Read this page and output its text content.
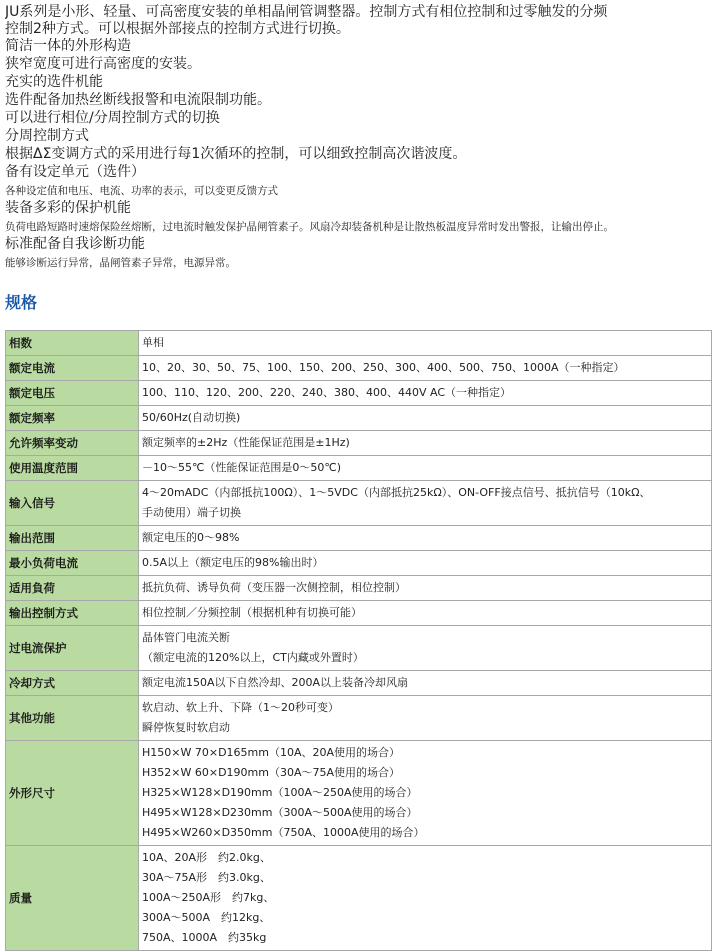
JU系列是小形、轻量、可高密度安装的单相晶闸管调整器。控制方式有相位控制和过零触发的分频
控制2种方式。可以根据外部接点的控制方式进行切换。
简洁一体的外形构造
狭窄宽度可进行高密度的安装。
充实的选件机能
选件配备加热丝断线报警和电流限制功能。
可以进行相位/分周控制方式的切换
分周控制方式
根据ΔΣ变调方式的采用进行每1次循环的控制，可以细致控制高次谐波度。
备有设定单元（选件）
各种设定值和电压、电流、功率的表示，可以变更反馈方式
装备多彩的保护机能
负荷电路短路时速熔保险丝熔断，过电流时触发保护晶闸管素子。风扇冷却装备机种是让散热板温度异常时发出警报，让输出停止。
标准配备自我诊断功能
能够诊断运行异常，晶闸管素子异常，电源异常。
规格
相数	单相

额定电流	10、20、30、50、75、100、150、200、250、300、400、500、750、1000A（一种指定）

额定电压	100、110、120、200、220、240、380、400、440V AC（一种指定）

额定频率	50/60Hz(自动切换)

允许频率变动	额定频率的±2Hz（性能保证范围是±1Hz)

使用温度范围	－10～55℃（性能保证范围是0～50℃)

输入信号	4～20mADC（内部抵抗100Ω）、1～5VDC（内部抵抗25kΩ）、ON-OFF接点信号、抵抗信号（10kΩ、
手动使用）端子切换

输出范围	额定电压的0～98%

最小负荷电流	0.5A以上（额定电压的98%输出时）

适用負荷	抵抗负荷、诱导负荷（变压器一次侧控制，相位控制）

输出控制方式	相位控制／分频控制（根据机种有切换可能）

过电流保护	晶体管门电流关断
（额定电流的120%以上，CT内藏或外置时）

冷却方式	额定电流150A以下自然冷却、200A以上装备冷却风扇

其他功能	软启动、软上升、下降（1～20秒可变）
瞬停恢复时软启动

外形尺寸	H150×W 70×D165mm（10A、20A使用的场合）
H352×W 60×D190mm（30A～75A使用的场合）
H325×W128×D190mm（100A～250A使用的场合）
H495×W128×D230mm（300A～500A使用的场合）
H495×W260×D350mm（750A、1000A使用的场合）

质量	10A、20A形　约2.0kg、
30A～75A形　约3.0kg、
100A～250A形　约7kg、
300A～500A　约12kg、
750A、1000A　约35kg
